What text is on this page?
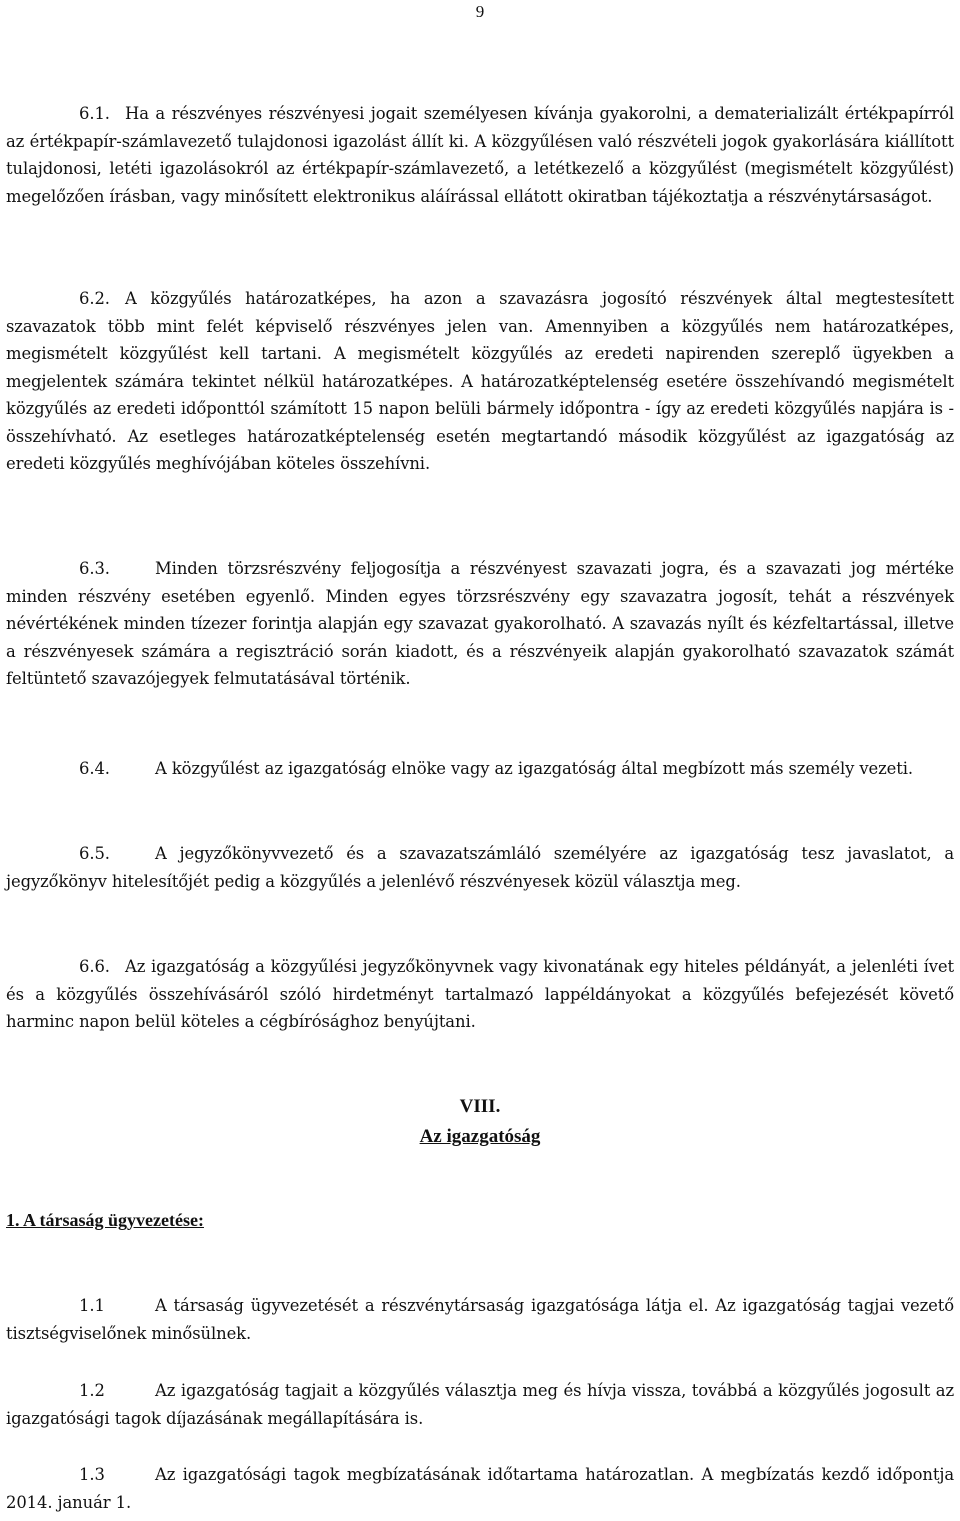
9

6.1. Ha a részvényes részvényesi jogait személyesen kívánja gyakorolni, a dematerializált értékpapírról az értékpapír-számlavezető tulajdonosi igazolást állít ki. A közgyűlésen való részvételi jogok gyakorlására kiállított tulajdonosi, letéti igazolásokról az értékpapír-számlavezető, a letétkezelő a közgyűlést (megismételt közgyűlést) megelőzően írásban, vagy minősített elektronikus aláírással ellátott okiratban tájékoztatja a részvénytársaságot.

6.2. A közgyűlés határozatképes, ha azon a szavazásra jogosító részvények által megtestesített szavazatok több mint felét képviselő részvényes jelen van. Amennyiben a közgyűlés nem határozatképes, megismételt közgyűlést kell tartani. A megismételt közgyűlés az eredeti napirenden szereplő ügyekben a megjelentek számára tekintet nélkül határozatképes. A határozatképtelenség esetére összehívandó megismételt közgyűlés az eredeti időponttól számított 15 napon belüli bármely időpontra - így az eredeti közgyűlés napjára is - összehívható. Az esetleges határozatképtelenség esetén megtartandó második közgyűlést az igazgatóság az eredeti közgyűlés meghívójában köteles összehívni.

6.3.	Minden törzsrészvény feljogosítja a részvényest szavazati jogra, és a szavazati jog mértéke minden részvény esetében egyenlő. Minden egyes törzsrészvény egy szavazatra jogosít, tehát a részvények névértékének minden tízezer forintja alapján egy szavazat gyakorolható. A szavazás nyílt és kézfeltartással, illetve a részvényesek számára a regisztráció során kiadott, és a részvényeik alapján gyakorolható szavazatok számát feltüntető szavazójegyek felmutatásával történik.

6.4.	A közgyűlést az igazgatóság elnöke vagy az igazgatóság által megbízott más személy vezeti.

6.5.	A jegyzőkönyvvezető és a szavazatszámláló személyére az igazgatóság tesz javaslatot, a jegyzőkönyv hitelesítőjét pedig a közgyűlés a jelenlévő részvényesek közül választja meg.

6.6. Az igazgatóság a közgyűlési jegyzőkönyvnek vagy kivonatának egy hiteles példányát, a jelenléti ívet és a közgyűlés összehívásáról szóló hirdetményt tartalmazó lappéldányokat a közgyűlés befejezését követő harminc napon belül köteles a cégbírósághoz benyújtani.

VIII.
Az igazgatóság
1. A társaság ügyvezetése:

1.1	A társaság ügyvezetését a részvénytársaság igazgatósága látja el. Az igazgatóság tagjai vezető tisztségviselőnek minősülnek.

1.2	Az igazgatóság tagjait a közgyűlés választja meg és hívja vissza, továbbá a közgyűlés jogosult az igazgatósági tagok díjazásának megállapítására is.

1.3	Az igazgatósági tagok megbízatásának időtartama határozatlan. A megbízatás kezdő időpontja 2014. január 1.
